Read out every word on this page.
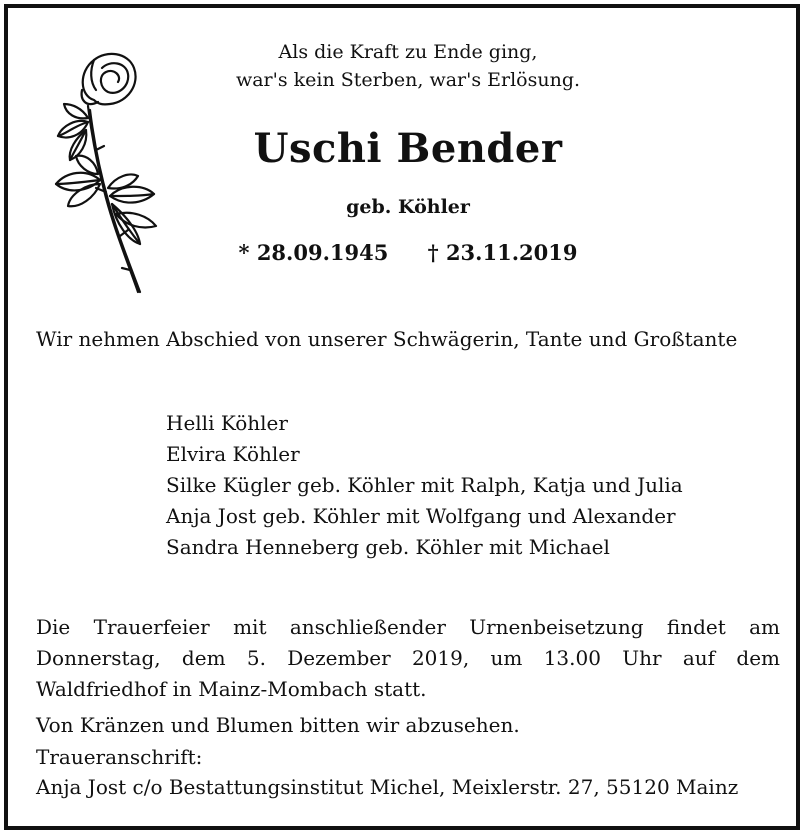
Als die Kraft zu Ende ging,
war's kein Sterben, war's Erlösung.
Uschi Bender
geb. Köhler
* 28.09.1945 † 23.11.2019
Wir nehmen Abschied von unserer Schwägerin, Tante und Großtante
Helli Köhler
Elvira Köhler
Silke Kügler geb. Köhler mit Ralph, Katja und Julia
Anja Jost geb. Köhler mit Wolfgang und Alexander
Sandra Henneberg geb. Köhler mit Michael
Die Trauerfeier mit anschließender Urnenbeisetzung findet am Donnerstag, dem 5. Dezember 2019, um 13.00 Uhr auf dem Waldfriedhof in Mainz-Mombach statt.
Von Kränzen und Blumen bitten wir abzusehen.
Traueranschrift:
Anja Jost c/o Bestattungsinstitut Michel, Meixlerstr. 27, 55120 Mainz
